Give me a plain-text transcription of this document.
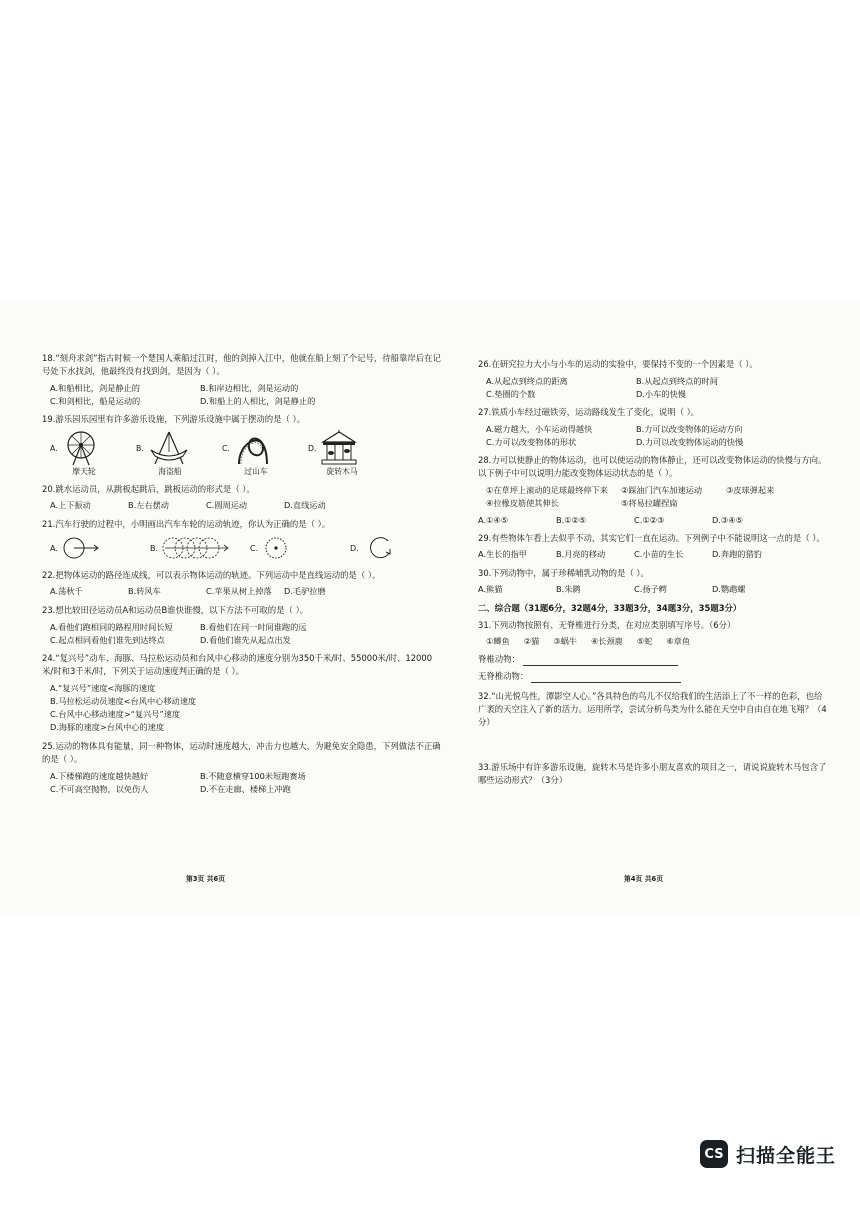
18.“刻舟求剑”指古时候一个楚国人乘船过江时，他的剑掉入江中，他就在船上刻了个记号，待船靠岸后在记号处下水找剑，他最终没有找到剑，是因为（ ）。

A.和船相比，剑是静止的	B.和岸边相比，剑是运动的
C.和剑相比，船是运动的	D.和船上的人相比，剑是静止的

19.游乐园乐园里有许多游乐设施，下列游乐设施中属于摆动的是（ ）。

A.
摩天轮
B.
海盗船
C.
过山车
D.
旋转木马

20.跳水运动员，从跳板起跳后，跳板运动的形式是（ ）。

A.上下振动	B.左右摆动	C.圆周运动	D.直线运动

21.汽车行驶的过程中，小明画出汽车车轮的运动轨迹，你认为正确的是（ ）。

A.	B.	C.	D.

22.把物体运动的路径连成线，可以表示物体运动的轨迹。下列运动中是直线运动的是（ ）。

A.荡秋千	B.转风车	C.苹果从树上掉落	D.毛驴拉磨

23.想比较田径运动员A和运动员B谁快谁慢，以下方法不可取的是（ ）。

A.看他们跑相同的路程用时间长短	B.看他们在同一时间谁跑的远
C.起点相同看他们谁先到达终点	D.看他们谁先从起点出发

24.“复兴号”动车、海豚、马拉松运动员和台风中心移动的速度分别为350千米/时、55000米/时、12000米/时和3千米/时，下列关于运动速度判正确的是（ ）。

A.“复兴号”速度<海豚的速度
B.马拉松运动员速度<台风中心移动速度
C.台风中心移动速度>“复兴号”速度
D.海豚的速度>台风中心的速度

25.运动的物体具有能量，同一种物体，运动时速度越大，冲击力也越大，为避免安全隐患，下列做法不正确的是（ ）。

A.下楼梯跑的速度越快越好	B.不随意横穿100米短跑赛场
C.不可高空抛物，以免伤人	D.不在走廊、楼梯上冲跑
第3页 共6页

26.在研究拉力大小与小车的运动的实验中，要保持不变的一个因素是（ ）。

A.从起点到终点的距离	B.从起点到终点的时间
C.垫圈的个数	D.小车的快慢

27.铁质小车经过磁铁旁，运动路线发生了变化，说明（ ）。

A.磁力越大，小车运动得越快	B.力可以改变物体的运动方向
C.力可以改变物体的形状	D.力可以改变物体运动的快慢

28.力可以使静止的物体运动，也可以使运动的物体静止，还可以改变物体运动的快慢与方向。以下例子中可以说明力能改变物体运动状态的是（ ）。

①在草坪上滚动的足球最终停下来	②踩油门汽车加速运动	③皮球弹起来
④拉橡皮筋使其伸长	⑤将易拉罐捏扁
A.①④⑤	B.①②⑤	C.①②③	D.③④⑤

29.有些物体乍看上去似乎不动，其实它们一直在运动。下列例子中不能说明这一点的是（ ）。

A.生长的指甲	B.月亮的移动	C.小苗的生长	D.奔跑的猎豹

30.下列动物中，属于珍稀哺乳动物的是（ ）。

A.熊猫	B.朱鹮	C.扬子鳄	D.鹦鹉螺

二、综合题（31题6分，32题4分，33题3分，34题3分，35题3分）

31.下列动物按照有、无脊椎进行分类，在对应类别填写序号。（6分）

①鲫鱼 ②猫 ③蜗牛 ④长颈鹿 ⑤蛇 ⑥章鱼
脊椎动物：
无脊椎动物：

32.“山光悦鸟性，潭影空人心。”各具特色的鸟儿不仅给我们的生活添上了不一样的色彩，也给广袤的天空注入了新的活力。运用所学，尝试分析鸟类为什么能在天空中自由自在地飞翔？（4分）

33.游乐场中有许多游乐设施，旋转木马是许多小朋友喜欢的项目之一，请说说旋转木马包含了哪些运动形式？（3分）

第4页 共6页
CS 扫描全能王
